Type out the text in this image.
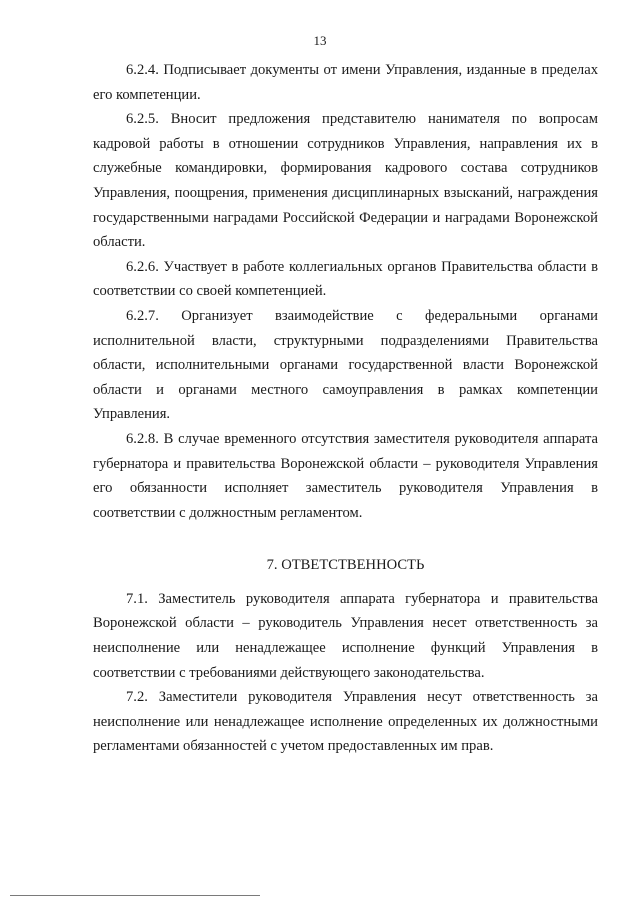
13

6.2.4. Подписывает документы от имени Управления, изданные в пределах его компетенции.

6.2.5. Вносит предложения представителю нанимателя по вопросам кадровой работы в отношении сотрудников Управления, направления их в служебные командировки, формирования кадрового состава сотрудников Управления, поощрения, применения дисциплинарных взысканий, награждения государственными наградами Российской Федерации и наградами Воронежской области.

6.2.6. Участвует в работе коллегиальных органов Правительства области в соответствии со своей компетенцией.

6.2.7. Организует взаимодействие с федеральными органами исполнительной власти, структурными подразделениями Правительства области, исполнительными органами государственной власти Воронежской области и органами местного самоуправления в рамках компетенции Управления.

6.2.8. В случае временного отсутствия заместителя руководителя аппарата губернатора и правительства Воронежской области – руководителя Управления его обязанности исполняет заместитель руководителя Управления в соответствии с должностным регламентом.

7. ОТВЕТСТВЕННОСТЬ

7.1. Заместитель руководителя аппарата губернатора и правительства Воронежской области – руководитель Управления несет ответственность за неисполнение или ненадлежащее исполнение функций Управления в соответствии с требованиями действующего законодательства.

7.2. Заместители руководителя Управления несут ответственность за неисполнение или ненадлежащее исполнение определенных их должностными регламентами обязанностей с учетом предоставленных им прав.
